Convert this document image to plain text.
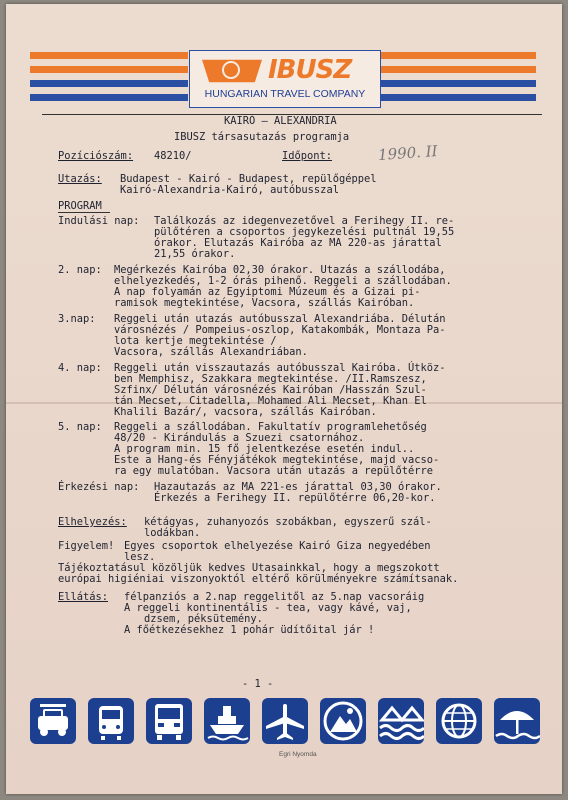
IBUSZ
HUNGARIAN TRAVEL COMPANY
KAIRÓ – ALEXANDRIA
IBUSZ társasutazás programja
Pozíciószám: 48210/	Időpont:	1990. II
Utazás: Budapest - Kairó - Budapest, repülőgéppel
Kairó-Alexandria-Kairó, autóbusszal
PROGRAM
Indulási nap: Találkozás az idegenvezetővel a Ferihegy II. re-
pülőtéren a csoportos jegykezelési pultnál 19,55
órakor. Elutazás Kairóba az MA 220-as járattal
21,55 órakor.
2. nap: Megérkezés Kairóba 02,30 órakor. Utazás a szállodába,
elhelyezkedés, 1-2 órás pihenő. Reggeli a szállodában.
A nap folyamán az Egyiptomi Múzeum és a Gizai pi-
ramisok megtekintése, Vacsora, szállás Kairóban.
3.nap: Reggeli után utazás autóbusszal Alexandriába. Délután
városnézés / Pompeius-oszlop, Katakombák, Montaza Pa-
lota kertje megtekintése /
Vacsora, szállás Alexandriában.
4. nap: Reggeli után visszautazás autóbusszal Kairóba. Útköz-
ben Memphisz, Szakkara megtekintése. /II.Ramszesz,
Szfinx/ Délután városnézés Kairóban /Hasszán Szul-
tán Mecset, Citadella, Mohamed Ali Mecset, Khan El
Khalili Bazár/, vacsora, szállás Kairóban.
5. nap: Reggeli a szállodában. Fakultatív programlehetőség
48/20 - Kirándulás a Szuezi csatornához.
A program min. 15 fő jelentkezése esetén indul..
Este a Hang-és Fényjátékok megtekintése, majd vacso-
ra egy mulatóban. Vacsora után utazás a repülőtérre
Érkezési nap: Hazautazás az MA 221-es járattal 03,30 órakor.
Érkezés a Ferihegy II. repülőtérre 06,20-kor.
Elhelyezés: kétágyas, zuhanyozós szobákban, egyszerű szál-
lodákban.
Figyelem! Egyes csoportok elhelyezése Kairó Giza negyedében
lesz.
Tájékoztatásul közöljük kedves Utasainkkal, hogy a megszokott
európai higiéniai viszonyoktól eltérő körülményekre számítsanak.
Ellátás: félpanziós a 2.nap reggelitől az 5.nap vacsoráig
A reggeli kontinentális - tea, vagy kávé, vaj,
dzsem, péksütemény.
A főétkezésekhez 1 pohár üdítőital jár !
- 1 -
Egri Nyomda
